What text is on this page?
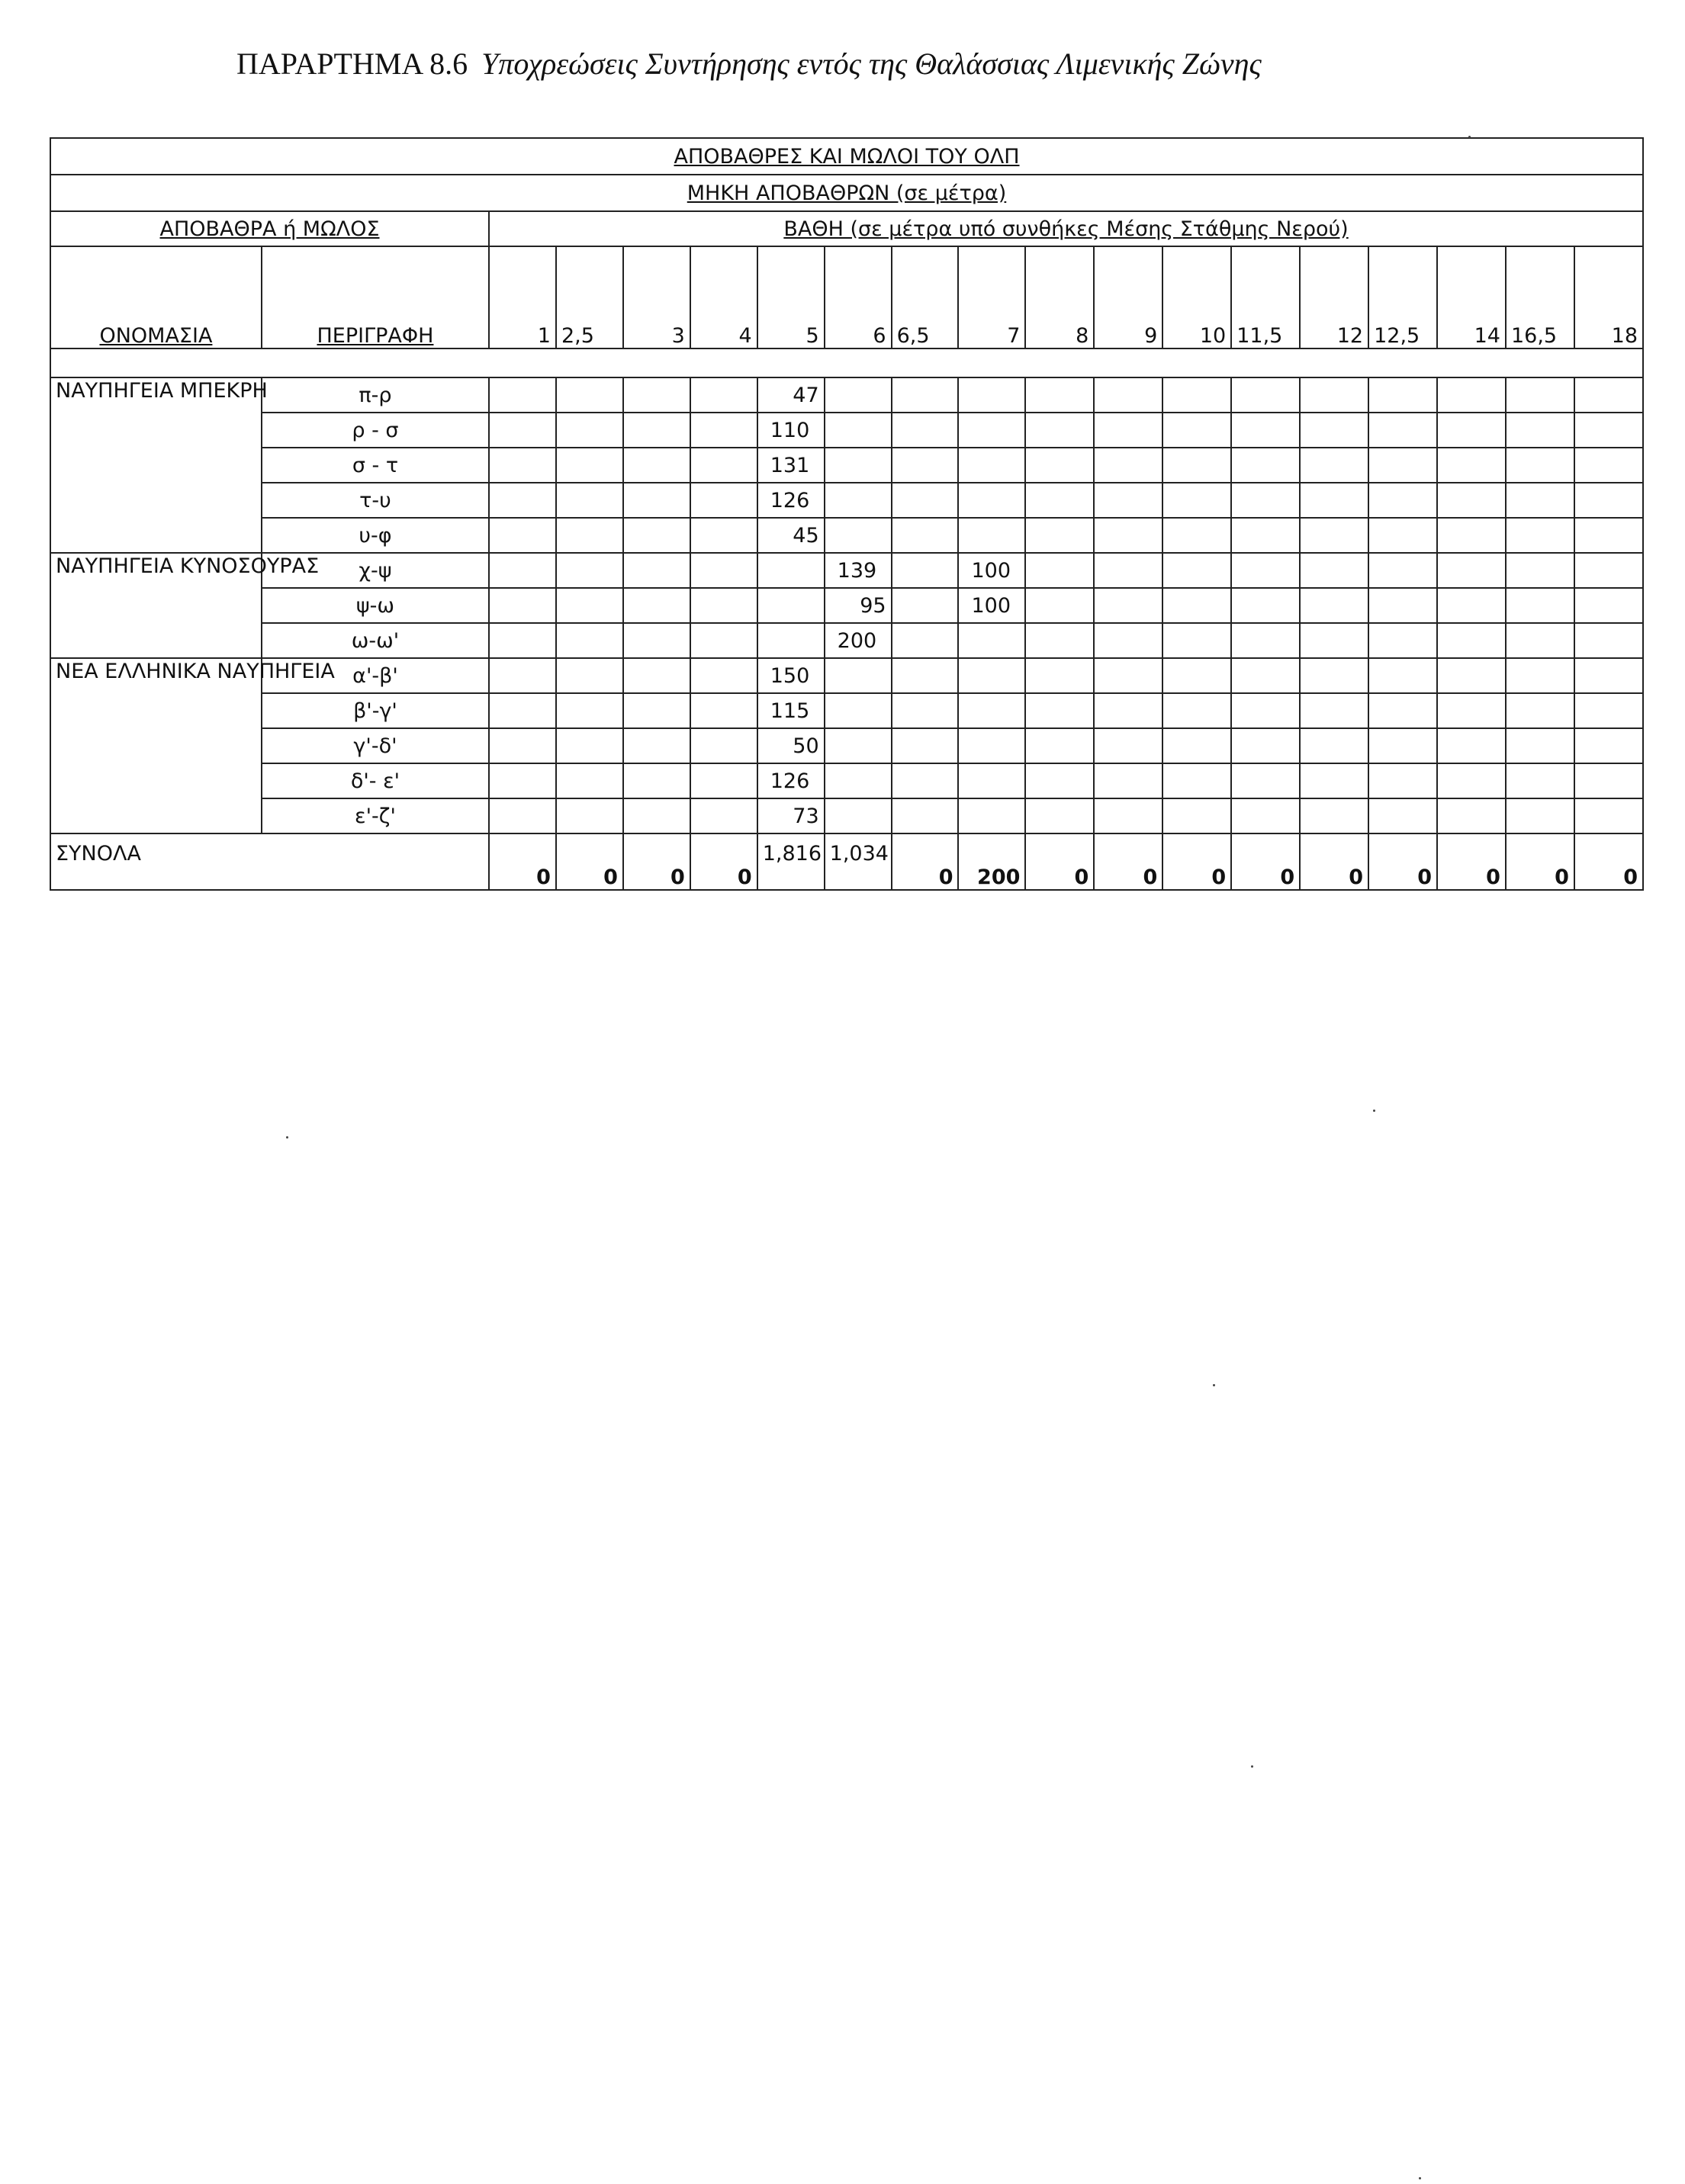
ΠΑΡΑΡΤΗΜΑ 8.6 Υποχρεώσεις Συντήρησης εντός της Θαλάσσιας Λιμενικής Ζώνης
ΑΠΟΒΑΘΡΕΣ ΚΑΙ ΜΩΛΟΙ ΤΟΥ ΟΛΠ																		
ΜΗΚΗ ΑΠΟΒΑΘΡΩΝ (σε μέτρα)																		
ΑΠΟΒΑΘΡΑ ή ΜΩΛΟΣ		ΒΑΘΗ (σε μέτρα υπό συνθήκες Μέσης Στάθμης Νερού)																
ΟΝΟΜΑΣΙΑ	ΠΕΡΙΓΡΑΦΗ	1	2,5	3	4	5	6	6,5	7	8	9	10	11,5	12	12,5	14	16,5	18

ΝΑΥΠΗΓΕΙΑ ΜΠΕΚΡΗ	π-ρ					47												
	ρ - σ					110												
	σ - τ					131												
	τ-υ					126												
	υ-φ					45												
ΝΑΥΠΗΓΕΙΑ ΚΥΝΟΣΟΥΡΑΣ	χ-ψ						139		100									
	ψ-ω						95		100									
	ω-ω'						200											
ΝΕΑ ΕΛΛΗΝΙΚΑ ΝΑΥΠΗΓΕΙΑ	α'-β'					150												
	β'-γ'					115												
	γ'-δ'					50												
	δ'- ε'					126												
	ε'-ζ'					73												
ΣΥΝΟΛΑ		0	0	0	0	1,816	1,034	0	200	0	0	0	0	0	0	0	0	0
